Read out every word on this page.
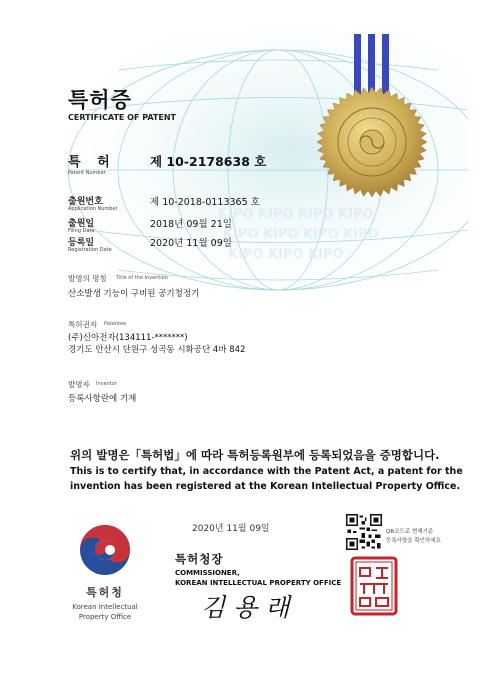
KIPO KIPO KIPO KIPO
KIPO KIPO KIPO KIPO
KIPO KIPO KIPO
특허증
CERTIFICATE OF PATENT
특 허
Patent Number
제 10-2178638 호
출원번호
Application Number
제 10-2018-0113365 호
출원일
Filing Date
2018년 09월 21일
등록일
Registration Date
2020년 11월 09일
발명의 명칭 Title of the Invention
산소발생 기능이 구비된 공기청정기
특허권자 Patentee
(주)신아전자(134111-*******)
경기도 안산시 단원구 성곡동 시화공단 4바 842
발명자 Inventor
등록사항란에 기재
위의 발명은「특허법」에 따라 특허등록원부에 등록되었음을 증명합니다.
This is to certify that, in accordance with the Patent Act, a patent for the
invention has been registered at the Korean Intellectual Property Office.
특허청
Korean Intellectual
Property Office
2020년 11월 09일
특허청장
COMMISSIONER,
KOREAN INTELLECTUAL PROPERTY OFFICE
김 용 래
QR코드로 현재기준
등록사항을 확인하세요
